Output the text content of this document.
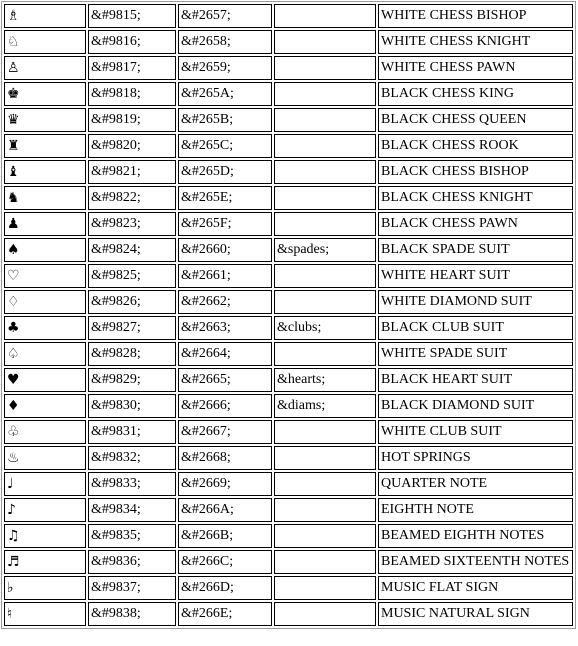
♗	&#9815;	&#2657;		WHITE CHESS BISHOP
♘	&#9816;	&#2658;		WHITE CHESS KNIGHT
♙	&#9817;	&#2659;		WHITE CHESS PAWN
♚	&#9818;	&#265A;		BLACK CHESS KING
♛	&#9819;	&#265B;		BLACK CHESS QUEEN
♜	&#9820;	&#265C;		BLACK CHESS ROOK
♝	&#9821;	&#265D;		BLACK CHESS BISHOP
♞	&#9822;	&#265E;		BLACK CHESS KNIGHT
♟	&#9823;	&#265F;		BLACK CHESS PAWN
♠	&#9824;	&#2660;	&spades;	BLACK SPADE SUIT
♡	&#9825;	&#2661;		WHITE HEART SUIT
♢	&#9826;	&#2662;		WHITE DIAMOND SUIT
♣	&#9827;	&#2663;	&clubs;	BLACK CLUB SUIT
♤	&#9828;	&#2664;		WHITE SPADE SUIT
♥	&#9829;	&#2665;	&hearts;	BLACK HEART SUIT
♦	&#9830;	&#2666;	&diams;	BLACK DIAMOND SUIT
♧	&#9831;	&#2667;		WHITE CLUB SUIT
♨	&#9832;	&#2668;		HOT SPRINGS
♩	&#9833;	&#2669;		QUARTER NOTE
♪	&#9834;	&#266A;		EIGHTH NOTE
♫	&#9835;	&#266B;		BEAMED EIGHTH NOTES
♬	&#9836;	&#266C;		BEAMED SIXTEENTH NOTES
♭	&#9837;	&#266D;		MUSIC FLAT SIGN
♮	&#9838;	&#266E;		MUSIC NATURAL SIGN
